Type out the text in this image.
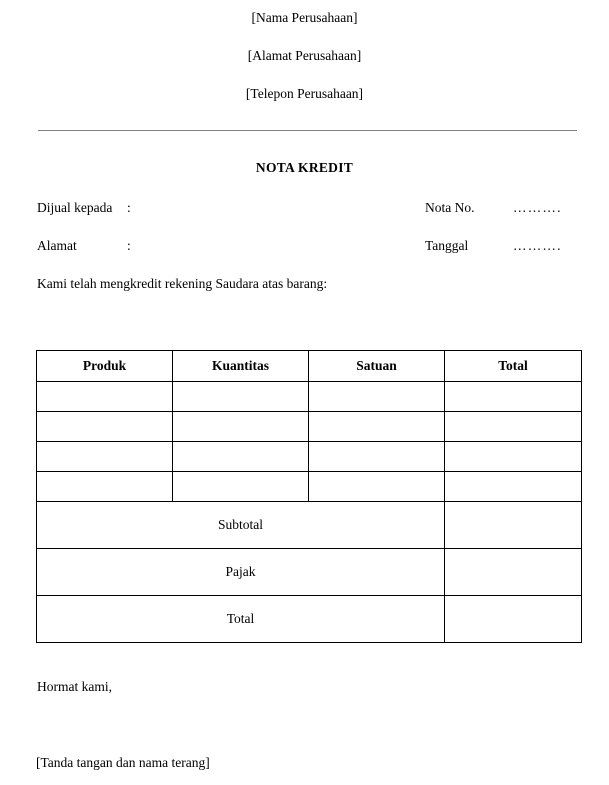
[Nama Perusahaan]
[Alamat Perusahaan]
[Telepon Perusahaan]
NOTA KREDIT
Dijual kepada :	Nota No.	……….
Alamat	:	Tanggal	……….
Kami telah mengkredit rekening Saudara atas barang:
Produk	Kuantitas	Satuan	Total

Subtotal			
Pajak			
Total			
Hormat kami,
[Tanda tangan dan nama terang]
